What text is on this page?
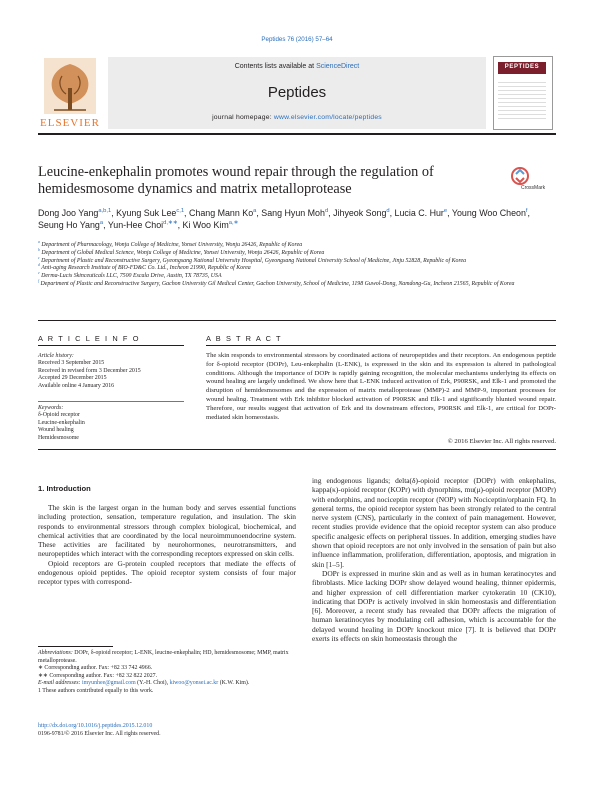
Peptides 76 (2016) 57–64
Contents lists available at ScienceDirect
Peptides
journal homepage: www.elsevier.com/locate/peptides
ELSEVIER
PEPTIDES
Leucine-enkephalin promotes wound repair through the regulation of hemidesmosome dynamics and matrix metalloprotease	CrossMark
Dong Joo Yang$^{a,b,1}$, Kyung Suk Lee$^{c,1}$, Chang Mann Ko$^a$, Sang Hyun Moh$^d$, Jihyeok Song$^d$, Lucia C. Hur$^e$, Young Woo Cheon$^f$, Seung Ho Yang$^a$, Yun-Hee Choi$^{d,∗∗}$, Ki Woo Kim$^{a,∗}$
$^a$ Department of Pharmacology, Wonju College of Medicine, Yonsei University, Wonju 26426, Republic of Korea
$^b$ Department of Global Medical Science, Wonju College of Medicine, Yonsei University, Wonju 26426, Republic of Korea
$^c$ Department of Plastic and Reconstructive Surgery, Gyeongsang National University Hospital, Gyeongsang National University School of Medicine, Jinju 52828, Republic of Korea
$^d$ Anti-aging Research Institute of BIO-FD&C Co. Ltd., Incheon 21990, Republic of Korea
$^e$ Derma-Lucis Skinceuticals LLC, 7500 Escala Drive, Austin, TX 78735, USA
$^f$ Department of Plastic and Reconstructive Surgery, Gachon University Gil Medical Center, Gachon University, School of Medicine, 1198 Guwol-Dong, Namdong-Gu, Incheon 21565, Republic of Korea
A R T I C L E I N F O
Article history:
Received 3 September 2015
Received in revised form 3 December 2015
Accepted 29 December 2015
Available online 4 January 2016
Keywords:
δ-Opioid receptor
Leucine-enkephalin
Wound healing
Hemidesmosome
A B S T R A C T
The skin responds to environmental stressors by coordinated actions of neuropeptides and their receptors. An endogenous peptide for δ-opioid receptor (DOPr), Leu-enkephalin (L-ENK), is expressed in the skin and its expression is altered in pathological conditions. Although the importance of DOPr is rapidly gaining recognition, the molecular mechanisms underlying its effects on wound healing are largely undefined. We show here that L-ENK induced activation of Erk, P90RSK, and Elk-1 and promoted the disruption of hemidesmosomes and the expression of matrix metalloprotease (MMP)-2 and MMP-9, important processes for wound healing. Treatment with Erk inhibitor blocked activation of P90RSK and Elk-1 and significantly blunted wound repair. Therefore, our results suggest that activation of Erk and its downstream effectors, P90RSK and Elk-1, are critical for DOPr-mediated skin homeostasis.
© 2016 Elsevier Inc. All rights reserved.
1. Introduction

The skin is the largest organ in the human body and serves essential functions including protection, sensation, temperature regulation, and insulation. The skin responds to environmental stressors through complex biological, biochemical, and chemical activities that are coordinated by the local neuroimmunoendocrine system. These activities are facilitated by neurohormones, neurotransmitters, and neuropeptides which interact with the corresponding receptors expressed on skin cells.

Opioid receptors are G-protein coupled receptors that mediate the effects of endogenous opioid peptides. The opioid receptor system consists of four major receptor types with correspond-

ing endogenous ligands; delta(δ)-opioid receptor (DOPr) with enkephalins, kappa(κ)-opioid receptor (KOPr) with dynorphins, mu(μ)-opioid receptor (MOPr) with endorphins, and nociceptin receptor (NOP) with Nociceptin/orphanin FQ. In general terms, the opioid receptor system has been strongly related to the central nerve system (CNS), particularly in the context of pain management. However, recent studies provide evidence that the opioid receptor system can also produce specific analgesic effects on peripheral tissues. In addition, emerging studies have shown that opioid receptors are not only involved in the sensation of pain but also influence inflammation, proliferation, differentiation, apoptosis, and migration in skin [1–5].

DOPr is expressed in murine skin and as well as in human keratinocytes and fibroblasts. Mice lacking DOPr show delayed wound healing, thinner epidermis, and higher expression of cell differentiation marker cytokeratin 10 (CK10), indicating that DOPr is actively involved in skin homeostasis and differentiation [6]. Moreover, a recent study has revealed that DOPr affects the migration of human keratinocytes by modulating cell adhesion, which is accountable for the delayed wound healing in DOPr knockout mice [7]. It is believed that DOPr exerts its effects on skin homeostasis through the

Abbreviations: DOPr, δ-opioid receptor; L-ENK, leucine-enkephalin; HD, hemidesmosome; MMP, matrix metalloprotease.
∗ Corresponding author. Fax: +82 33 742 4966.
∗∗ Corresponding author. Fax: +82 32 822 2027.
E-mail addresses: imyunhee@gmail.com (Y.-H. Choi), kiwoo@yonsei.ac.kr (K.W. Kim).
1 These authors contributed equally to this work.
http://dx.doi.org/10.1016/j.peptides.2015.12.010
0196-9781/© 2016 Elsevier Inc. All rights reserved.
